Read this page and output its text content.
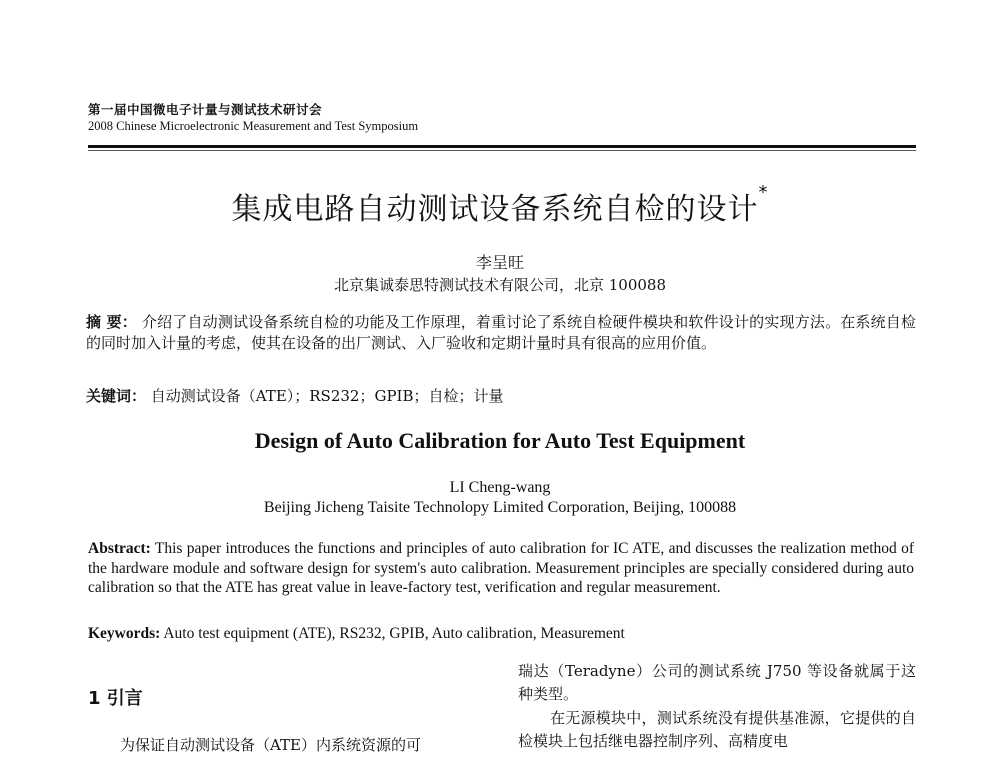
第一届中国微电子计量与测试技术研讨会
2008 Chinese Microelectronic Measurement and Test Symposium
集成电路自动测试设备系统自检的设计*
李呈旺
北京集诚泰思特测试技术有限公司，北京 100088
摘 要： 介绍了自动测试设备系统自检的功能及工作原理，着重讨论了系统自检硬件模块和软件设计的实现方法。在系统自检的同时加入计量的考虑，使其在设备的出厂测试、入厂验收和定期计量时具有很高的应用价值。
关键词： 自动测试设备（ATE）；RS232；GPIB；自检；计量
Design of Auto Calibration for Auto Test Equipment
LI Cheng-wang
Beijing Jicheng Taisite Technolopy Limited Corporation, Beijing, 100088
Abstract: This paper introduces the functions and principles of auto calibration for IC ATE, and discusses the realization method of the hardware module and software design for system's auto calibration. Measurement principles are specially considered during auto calibration so that the ATE has great value in leave-factory test, verification and regular measurement.
Keywords: Auto test equipment (ATE), RS232, GPIB, Auto calibration, Measurement
1 引言
为保证自动测试设备（ATE）内系统资源的可

瑞达（Teradyne）公司的测试系统 J750 等设备就属于这种类型。

在无源模块中，测试系统没有提供基准源，它提供的自检模块上包括继电器控制序列、高精度电
